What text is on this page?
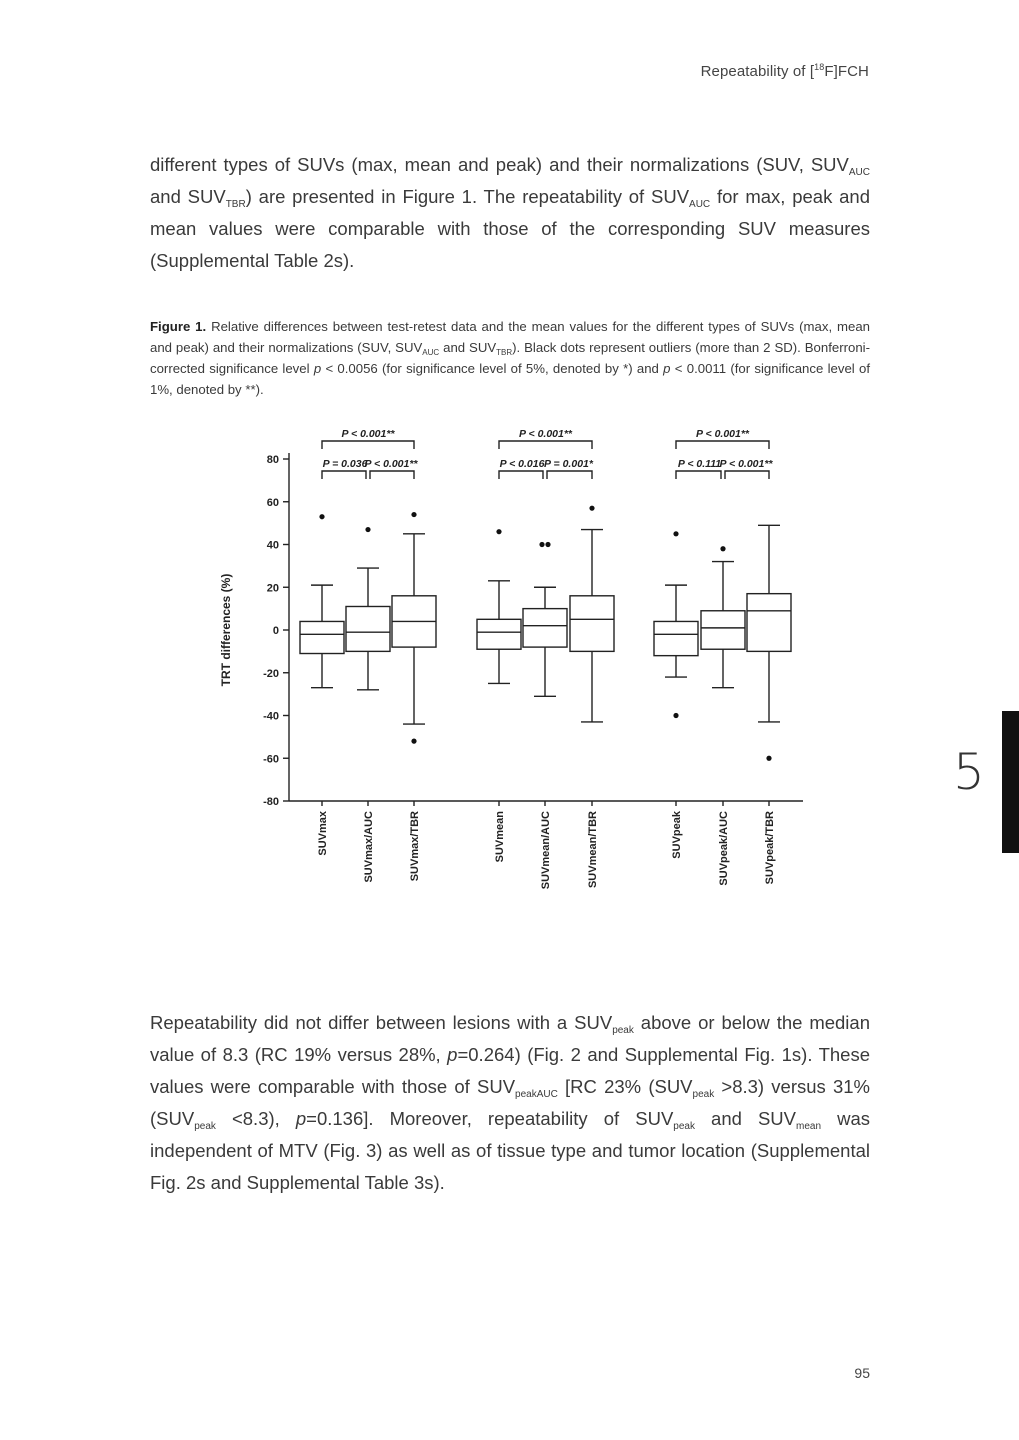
Repeatability of [$^{18}$F]FCH

different types of SUVs (max, mean and peak) and their normalizations (SUV, $SUV_{AUC}$ and $SUV_{TBR}$) are presented in Figure 1. The repeatability of $SUV_{AUC}$ for max, peak and mean values were comparable with those of the corresponding SUV measures (Supplemental Table 2s).

Figure 1. Relative differences between test-retest data and the mean values for the different types of SUVs (max, mean and peak) and their normalizations (SUV, $SUV_{AUC}$ and $SUV_{TBR}$). Black dots represent outliers (more than 2 SD). Bonferroni-corrected significance level p < 0.0056 (for significance level of 5%, denoted by *) and p < 0.0011 (for significance level of 1%, denoted by **).

80
60
40
20
0
-20
-40
-60
-80
TRT differences (%)
SUVmax	SUVmax/AUC	SUVmax/TBR	SUVmean	SUVmean/AUC	SUVmean/TBR	SUVpeak	SUVpeak/AUC	SUVpeak/TBR
P < 0.001**
P = 0.036
P < 0.001**
P < 0.001**
P < 0.016 P = 0.001*
P < 0.001**
P < 0.111
P < 0.001**

Repeatability did not differ between lesions with a $SUV_{peak}$ above or below the median value of 8.3 (RC 19% versus 28%, p=0.264) (Fig. 2 and Supplemental Fig. 1s). These values were comparable with those of $SUV_{peakAUC}$ [RC 23% $(SUV_{peak} >8.3)$ versus 31% $(SUV_{peak} <8.3)$, p=0.136]. Moreover, repeatability of $SUV_{peak}$ and $SUV_{mean}$ was independent of MTV (Fig. 3) as well as of tissue type and tumor location (Supplemental Fig. 2s and Supplemental Table 3s).

5
95
